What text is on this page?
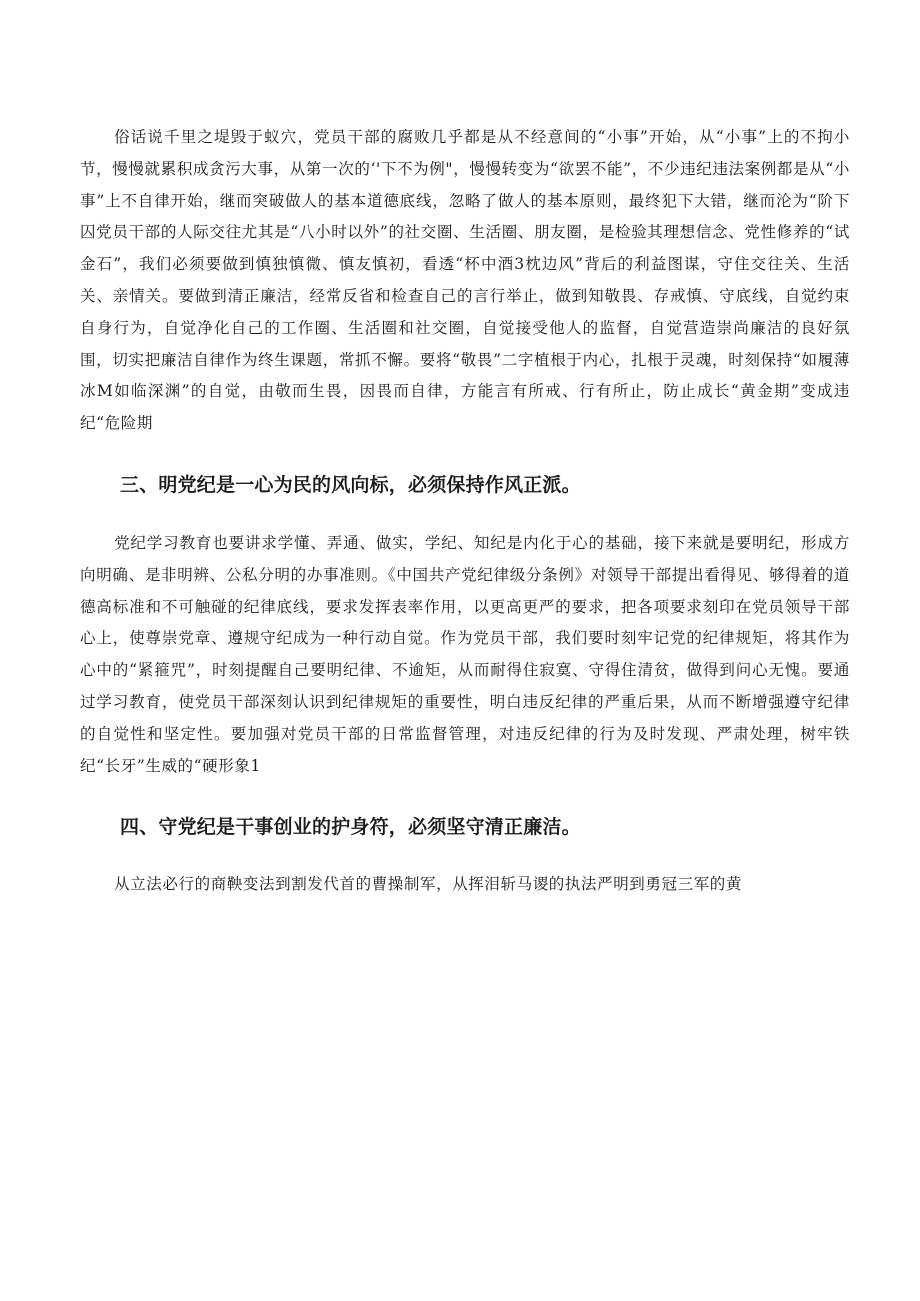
俗话说千里之堤毁于蚁穴，党员干部的腐败几乎都是从不经意间的“小事”开始，从“小事”上的不拘小节，慢慢就累积成贪污大事，从第一次的‘'下不为例"，慢慢转变为“欲罢不能”，不少违纪违法案例都是从“小事”上不自律开始，继而突破做人的基本道德底线，忽略了做人的基本原则，最终犯下大错，继而沦为“阶下囚党员干部的人际交往尤其是“八小时以外”的社交圈、生活圈、朋友圈，是检验其理想信念、党性修养的“试金石”，我们必须要做到慎独慎微、慎友慎初，看透“杯中酒3枕边风”背后的利益图谋，守住交往关、生活关、亲情关。要做到清正廉洁，经常反省和检查自己的言行举止，做到知敬畏、存戒慎、守底线，自觉约束自身行为，自觉净化自己的工作圈、生活圈和社交圈，自觉接受他人的监督，自觉营造崇尚廉洁的良好氛围，切实把廉洁自律作为终生课题，常抓不懈。要将“敬畏”二字植根于内心，扎根于灵魂，时刻保持“如履薄冰M如临深渊”的自觉，由敬而生畏，因畏而自律，方能言有所戒、行有所止，防止成长“黄金期”变成违纪“危险期

三、明党纪是一心为民的风向标，必须保持作风正派。

党纪学习教育也要讲求学懂、弄通、做实，学纪、知纪是内化于心的基础，接下来就是要明纪，形成方向明确、是非明辨、公私分明的办事准则。《中国共产党纪律级分条例》对领导干部提出看得见、够得着的道德高标准和不可触碰的纪律底线，要求发挥表率作用，以更高更严的要求，把各项要求刻印在党员领导干部心上，使尊崇党章、遵规守纪成为一种行动自觉。作为党员干部，我们要时刻牢记党的纪律规矩，将其作为心中的“紧箍咒”，时刻提醒自己要明纪律、不逾矩，从而耐得住寂寞、守得住清贫，做得到问心无愧。要通过学习教育，使党员干部深刻认识到纪律规矩的重要性，明白违反纪律的严重后果，从而不断增强遵守纪律的自觉性和坚定性。要加强对党员干部的日常监督管理，对违反纪律的行为及时发现、严肃处理，树牢铁纪“长牙”生威的“硬形象1

四、守党纪是干事创业的护身符，必须坚守清正廉洁。

从立法必行的商鞅变法到割发代首的曹操制军，从挥泪斩马谡的执法严明到勇冠三军的黄
